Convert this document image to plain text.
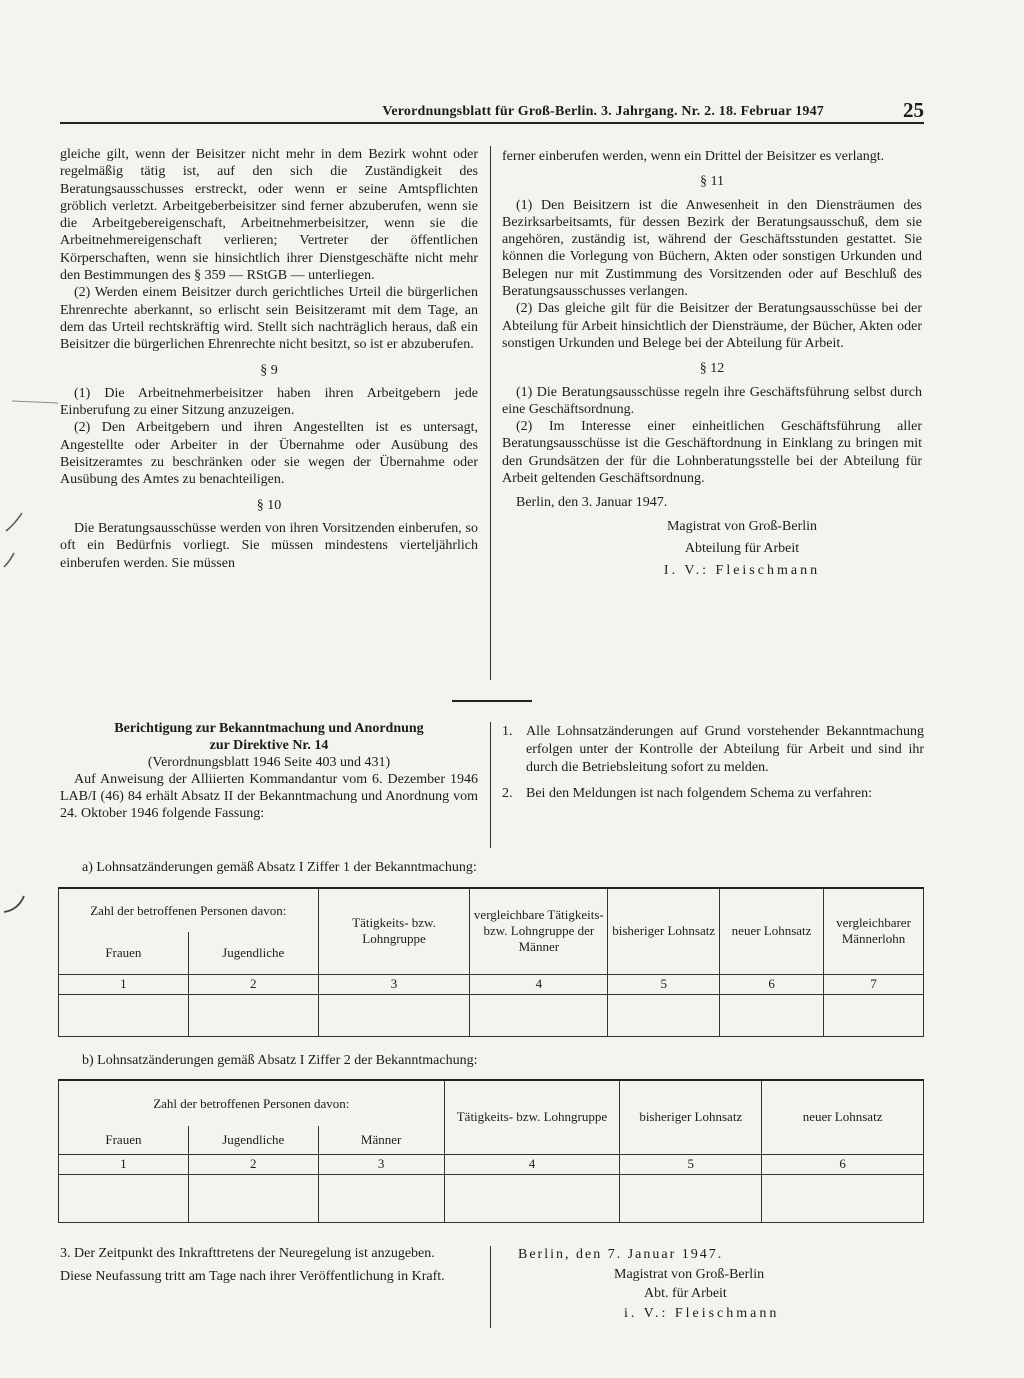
Verordnungsblatt für Groß-Berlin. 3. Jahrgang. Nr. 2. 18. Februar 1947	25

gleiche gilt, wenn der Beisitzer nicht mehr in dem Bezirk wohnt oder regelmäßig tätig ist, auf den sich die Zuständigkeit des Beratungsausschusses erstreckt, oder wenn er seine Amtspflichten gröblich verletzt. Arbeitgeberbeisitzer sind ferner abzuberufen, wenn sie die Arbeitgebereigenschaft, Arbeitnehmerbeisitzer, wenn sie die Arbeitnehmereigenschaft verlieren; Vertreter der öffentlichen Körperschaften, wenn sie hinsichtlich ihrer Dienstgeschäfte nicht mehr den Bestimmungen des § 359 — RStGB — unterliegen.

(2) Werden einem Beisitzer durch gerichtliches Urteil die bürgerlichen Ehrenrechte aberkannt, so erlischt sein Beisitzeramt mit dem Tage, an dem das Urteil rechtskräftig wird. Stellt sich nachträglich heraus, daß ein Beisitzer die bürgerlichen Ehrenrechte nicht besitzt, so ist er abzuberufen.

§ 9

(1) Die Arbeitnehmerbeisitzer haben ihren Arbeitgebern jede Einberufung zu einer Sitzung anzuzeigen.

(2) Den Arbeitgebern und ihren Angestellten ist es untersagt, Angestellte oder Arbeiter in der Übernahme oder Ausübung des Beisitzeramtes zu beschränken oder sie wegen der Übernahme oder Ausübung des Amtes zu benachteiligen.

§ 10

Die Beratungsausschüsse werden von ihren Vorsitzenden einberufen, so oft ein Bedürfnis vorliegt. Sie müssen mindestens vierteljährlich einberufen werden. Sie müssen

ferner einberufen werden, wenn ein Drittel der Beisitzer es verlangt.

§ 11

(1) Den Beisitzern ist die Anwesenheit in den Diensträumen des Bezirksarbeitsamts, für dessen Bezirk der Beratungsausschuß, dem sie angehören, zuständig ist, während der Geschäftsstunden gestattet. Sie können die Vorlegung von Büchern, Akten oder sonstigen Urkunden und Belegen nur mit Zustimmung des Vorsitzenden oder auf Beschluß des Beratungsausschusses verlangen.

(2) Das gleiche gilt für die Beisitzer der Beratungsausschüsse bei der Abteilung für Arbeit hinsichtlich der Diensträume, der Bücher, Akten oder sonstigen Urkunden und Belege bei der Abteilung für Arbeit.

§ 12

(1) Die Beratungsausschüsse regeln ihre Geschäftsführung selbst durch eine Geschäftsordnung.

(2) Im Interesse einer einheitlichen Geschäftsführung aller Beratungsausschüsse ist die Geschäftordnung in Einklang zu bringen mit den Grundsätzen der für die Lohnberatungsstelle bei der Abteilung für Arbeit geltenden Geschäftsordnung.

Berlin, den 3. Januar 1947.

Magistrat von Groß-Berlin

Abteilung für Arbeit

I. V.: Fleischmann

Berichtigung zur Bekanntmachung und Anordnung
zur Direktive Nr. 14
(Verordnungsblatt 1946 Seite 403 und 431)
Auf Anweisung der Alliierten Kommandantur vom 6. Dezember 1946 LAB/I (46) 84 erhält Absatz II der Bekanntmachung und Anordnung vom 24. Oktober 1946 folgende Fassung:
1. Alle Lohnsatzänderungen auf Grund vorstehender Bekanntmachung erfolgen unter der Kontrolle der Abteilung für Arbeit und sind ihr durch die Betriebsleitung sofort zu melden.
2. Bei den Meldungen ist nach folgendem Schema zu verfahren:
a) Lohnsatzänderungen gemäß Absatz I Ziffer 1 der Bekanntmachung:
Zahl der betroffenen Personen davon:		Tätigkeits- bzw. Lohngruppe	vergleichbare Tätigkeits- bzw. Lohngruppe der Männer	bisheriger Lohnsatz	neuer Lohnsatz	vergleichbarer Männerlohn
Frauen	Jugendliche					
1	2	3	4	5	6	7

b) Lohnsatzänderungen gemäß Absatz I Ziffer 2 der Bekanntmachung:
Zahl der betroffenen Personen davon:			Tätigkeits- bzw. Lohngruppe	bisheriger Lohnsatz	neuer Lohnsatz
Frauen	Jugendliche	Männer			
1	2	3	4	5	6

3. Der Zeitpunkt des Inkrafttretens der Neuregelung ist anzugeben.

Diese Neufassung tritt am Tage nach ihrer Veröffentlichung in Kraft.

Berlin, den 7. Januar 1947.
Magistrat von Groß-Berlin
Abt. für Arbeit
i. V.: Fleischmann
